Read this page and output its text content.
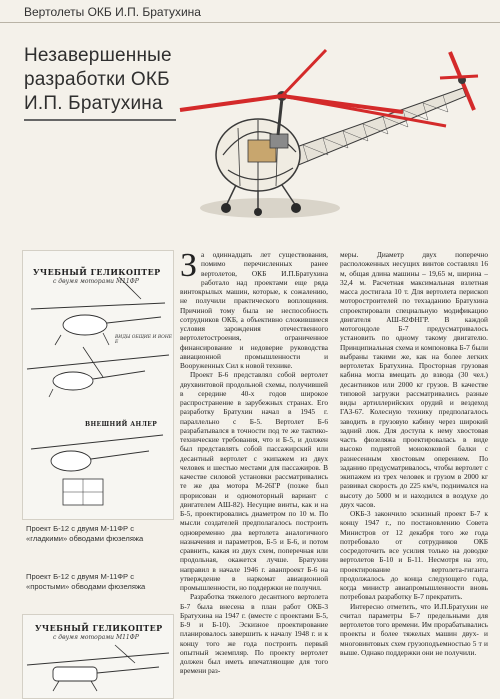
Вертолеты ОКБ И.П. Братухина
Незавершенные
разработки ОКБ
И.П. Братухина
УЧЕБНЫЙ ГЕЛИКОПТЕР
с двумя моторами М11ФР
ВИДЫ ОБЩИЕ И ВОНЕ Е
ВНЕШНИЙ АНЛЕР
Проект Б-12 с двумя М-11ФР с «гладкими» обводами фюзеляжа
Проект Б-12 с двумя М-11ФР с «простыми» обводами фюзеляжа
УЧЕБНЫЙ ГЕЛИКОПТЕР
с двумя моторами М11ФР

За одиннадцать лет существования, помимо перечисленных ранее вертолетов, ОКБ И.П.Братухина работало над проектами еще ряда винтокрылых машин, которые, к сожалению, не получили практического воплощения. Причиной тому была не неспособность сотрудников ОКБ, а объективно сложившиеся условия зарождения отечественного вертолетостроения, ограниченное финансирование и недоверие руководства авиационной промышленности и Вооруженных Сил к новой технике.

Проект Б-6 представлял собой вертолет двухвинтовой продольной схемы, получившей в середине 40-х годов широкое распространение в зарубежных странах. Его разработку Братухин начал в 1945 г. параллельно с Б-5. Вертолет Б-6 разрабатывался в точности под те же тактико-технические требования, что и Б-5, и должен был представлять собой пассажирский или десантный вертолет с экипажем из двух человек и шестью местами для пассажиров. В качестве силовой установки рассматривались те же два мотора М-26ГР (позже был прорисован и одномоторный вариант с двигателем АШ-82). Несущие винты, как и на Б-5, проектировались диаметром по 10 м. По мысли создателей предполагалось построить одновременно два вертолета аналогичного назначения и параметров, Б-5 и Б-6, и потом сравнить, какая из двух схем, поперечная или продольная, окажется лучше. Братухин направил в начале 1946 г. аванпроект Б-6 на утверждение в наркомат авиационной промышленности, но поддержки не получил.

Разработка тяжелого десантного вертолета Б-7 была внесена в план работ ОКБ-3 Братухина на 1947 г. (вместе с проектами Б-5, Б-9 и Б-10). Эскизное проектирование планировалось завершить к началу 1948 г. и к концу того же года построить первый опытный экземпляр. По проекту вертолет должен был иметь впечатляющие для того времени раз-

меры. Диаметр двух поперечно расположенных несущих винтов составлял 16 м, общая длина машины – 19,65 м, ширина – 32,4 м. Расчетная максимальная взлетная масса достигала 10 т. Для вертолета перископ моторостроителей по техзаданию Братухина спроектировали специальную модификацию двигателя АШ-82ФНГР. В каждой мотогондоле Б-7 предусматривалось установить по одному такому двигателю. Принципиальная схема и компоновка Б-7 были выбраны такими же, как на более легких вертолетах Братухина. Просторная грузовая кабина могла вмещать до взвода (30 чел.) десантников или 2000 кг грузов. В качестве типовой загрузки рассматривались разные виды артиллерийских орудий и вездеход ГАЗ-67. Колесную технику предполагалось заводить в грузовую кабину через широкий задний люк. Для доступа к нему хвостовая часть фюзеляжа проектировалась в виде высоко поднятой монококовой балки с разнесенным хвостовым оперением. По заданию предусматривалось, чтобы вертолет с экипажем из трех человек и грузом в 2000 кг развивал скорость до 225 км/ч, поднимался на высоту до 5000 м и находился в воздухе до двух часов.

ОКБ-3 закончило эскизный проект Б-7 к концу 1947 г., по постановлению Совета Министров от 12 декабря того же года потребовало от сотрудников ОКБ сосредоточить все усилия только на доводке вертолетов Б-10 и Б-11. Несмотря на это, проектирование вертолета-гиганта продолжалось до конца следующего года, когда министр авиапромышленности вновь потребовал разработку Б-7 прекратить.

Интересно отметить, что И.П.Братухин не считал параметры Б-7 предельными для вертолетов того времени. Им прорабатывались проекты и более тяжелых машин двух- и многовинтовых схем грузоподъемностью 5 т и выше. Однако поддержки они не получили.
